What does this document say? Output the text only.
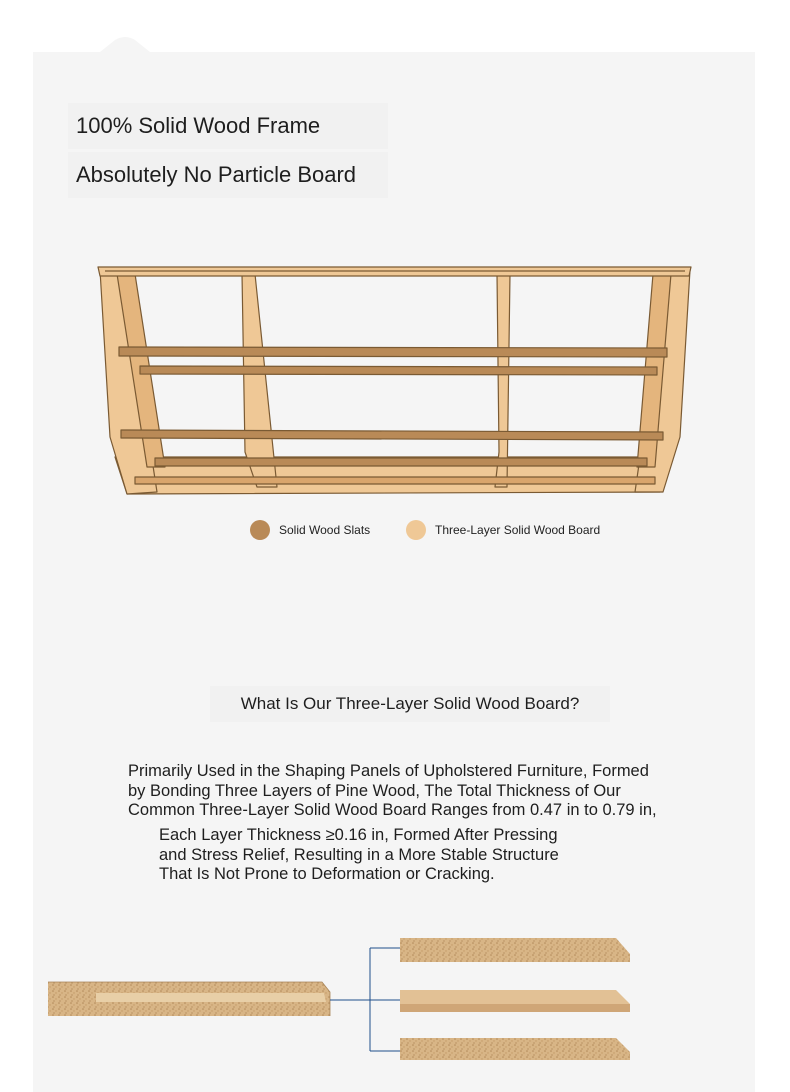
100% Solid Wood Frame
Absolutely No Particle Board
Solid Wood Slats	Three-Layer Solid Wood Board
What Is Our Three-Layer Solid Wood Board?
Primarily Used in the Shaping Panels of Upholstered Furniture, Formed
by Bonding Three Layers of Pine Wood, The Total Thickness of Our
Common Three-Layer Solid Wood Board Ranges from 0.47 in to 0.79 in,
Each Layer Thickness ≥0.16 in, Formed After Pressing
and Stress Relief, Resulting in a More Stable Structure
That Is Not Prone to Deformation or Cracking.
